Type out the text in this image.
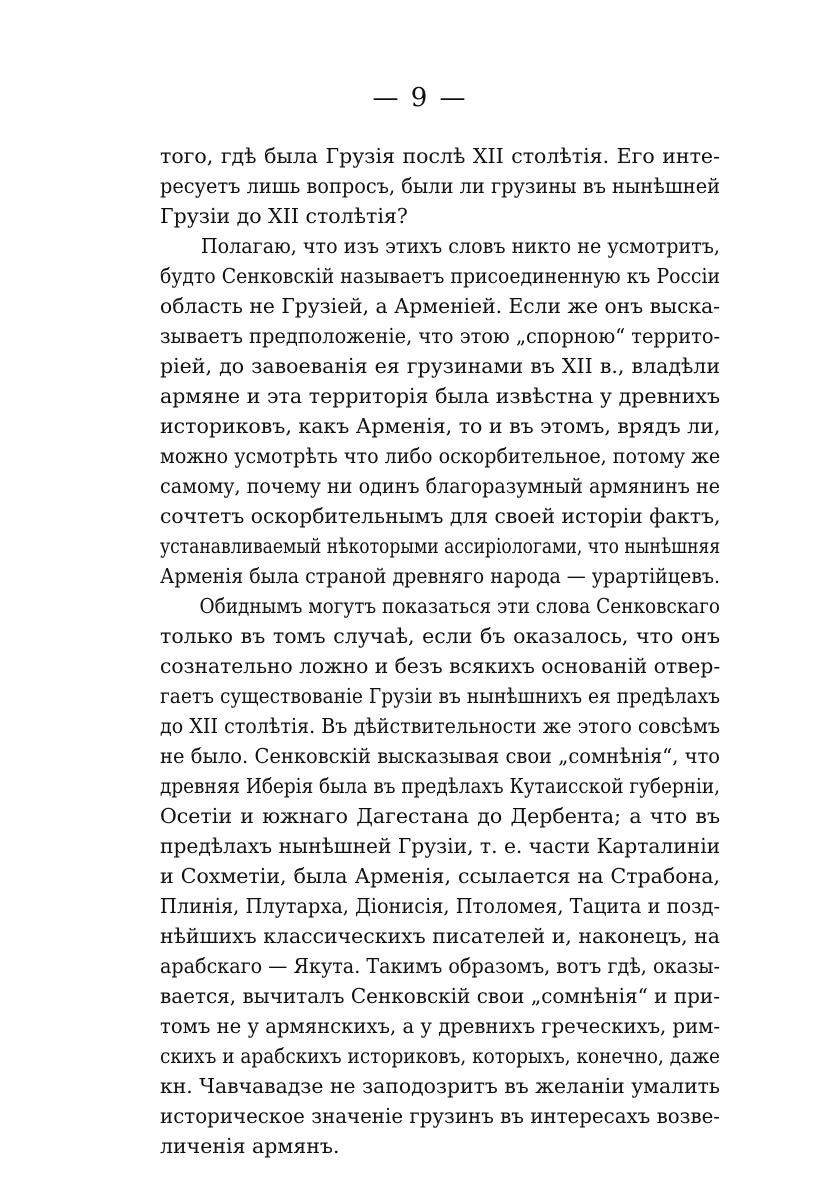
— 9 —
того, гдѣ была Грузія послѣ XII столѣтія. Его инте-
ресуетъ лишь вопросъ, были ли грузины въ нынѣшней
Грузіи до XII столѣтія?
Полагаю, что изъ этихъ словъ никто не усмотритъ,
будто Сенковскій называетъ присоединенную къ Россіи
область не Грузіей, а Арменіей. Если же онъ выска-
зываетъ предположеніе, что этою „спорною“ террито-
ріей, до завоеванія ея грузинами въ XII в., владѣли
армяне и эта территорія была извѣстна у древнихъ
историковъ, какъ Арменія, то и въ этомъ, врядъ ли,
можно усмотрѣть что либо оскорбительное, потому же
самому, почему ни одинъ благоразумный армянинъ не
сочтетъ оскорбительнымъ для своей исторіи фактъ,
устанавливаемый нѣкоторыми ассиріологами, что нынѣшняя
Арменія была страной древняго народа — урартійцевъ.
Обиднымъ могутъ показаться эти слова Сенковскаго
только въ томъ случаѣ, если бъ оказалось, что онъ
сознательно ложно и безъ всякихъ основаній отвер-
гаетъ существованіе Грузіи въ нынѣшнихъ ея предѣлахъ
до XII столѣтія. Въ дѣйствительности же этого совсѣмъ
не было. Сенковскій высказывая свои „сомнѣнія“, что
древняя Иберія была въ предѣлахъ Кутаисской губерніи,
Осетіи и южнаго Дагестана до Дербента; а что въ
предѣлахъ нынѣшней Грузіи, т. е. части Карталиніи
и Сохметіи, была Арменія, ссылается на Страбона,
Плинія, Плутарха, Діонисія, Птоломея, Тацита и позд-
нѣйшихъ классическихъ писателей и, наконецъ, на
арабскаго — Якута. Такимъ образомъ, вотъ гдѣ, оказы-
вается, вычиталъ Сенковскій свои „сомнѣнія“ и при-
томъ не у армянскихъ, а у древнихъ греческихъ, рим-
скихъ и арабскихъ историковъ, которыхъ, конечно, даже
кн. Чавчавадзе не заподозритъ въ желаніи умалить
историческое значеніе грузинъ въ интересахъ возве-
личенія армянъ.
